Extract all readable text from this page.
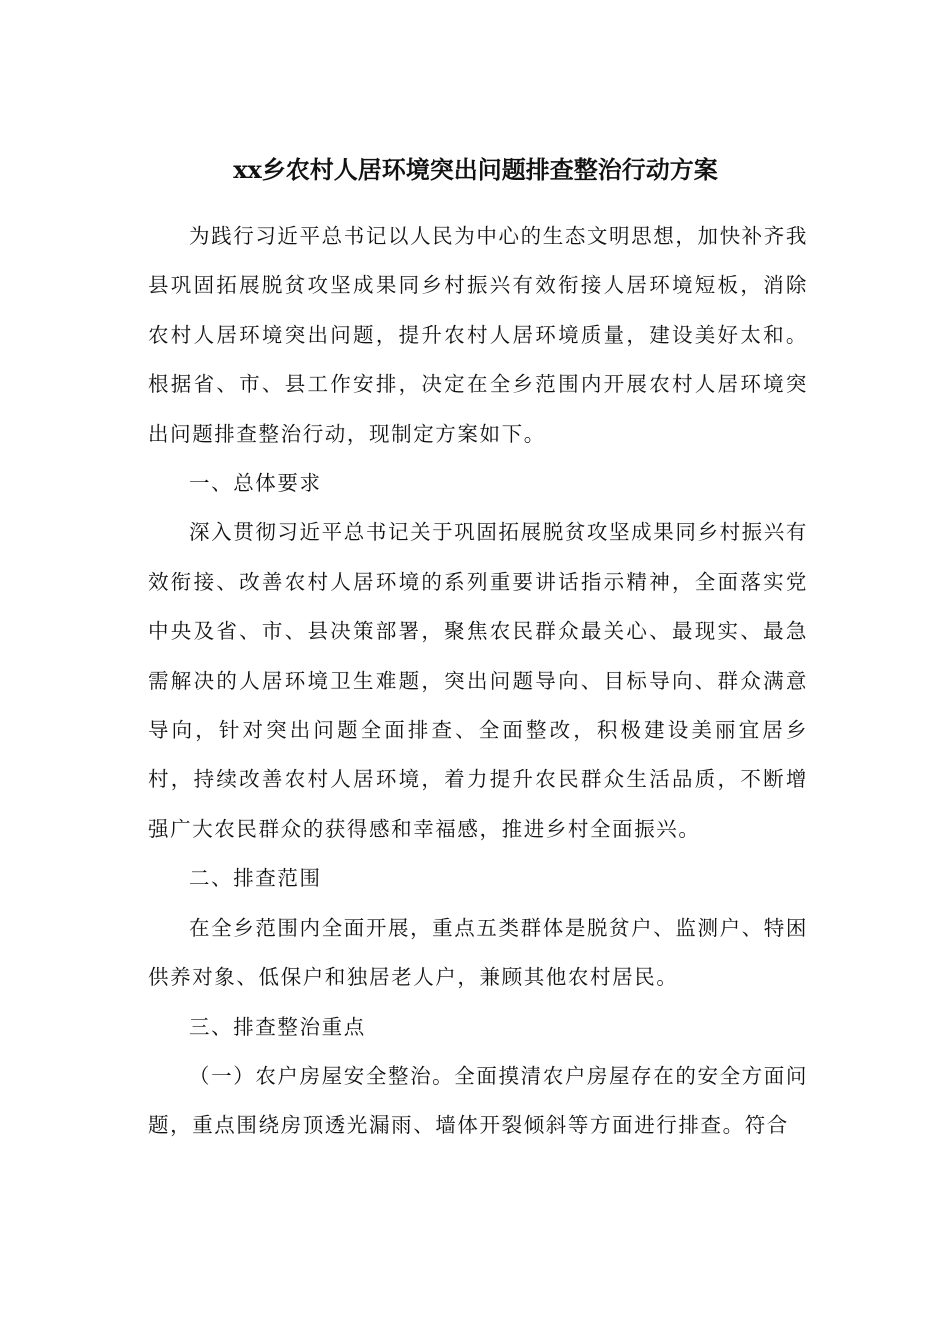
xx乡农村人居环境突出问题排查整治行动方案

为践行习近平总书记以人民为中心的生态文明思想，加快补齐我县巩固拓展脱贫攻坚成果同乡村振兴有效衔接人居环境短板，消除农村人居环境突出问题，提升农村人居环境质量，建设美好太和。根据省、市、县工作安排，决定在全乡范围内开展农村人居环境突出问题排查整治行动，现制定方案如下。

一、总体要求

深入贯彻习近平总书记关于巩固拓展脱贫攻坚成果同乡村振兴有效衔接、改善农村人居环境的系列重要讲话指示精神，全面落实党中央及省、市、县决策部署，聚焦农民群众最关心、最现实、最急需解决的人居环境卫生难题，突出问题导向、目标导向、群众满意导向，针对突出问题全面排查、全面整改，积极建设美丽宜居乡村，持续改善农村人居环境，着力提升农民群众生活品质，不断增强广大农民群众的获得感和幸福感，推进乡村全面振兴。

二、排查范围

在全乡范围内全面开展，重点五类群体是脱贫户、监测户、特困供养对象、低保户和独居老人户，兼顾其他农村居民。

三、排查整治重点

（一）农户房屋安全整治。全面摸清农户房屋存在的安全方面问题，重点围绕房顶透光漏雨、墙体开裂倾斜等方面进行排查。符合
